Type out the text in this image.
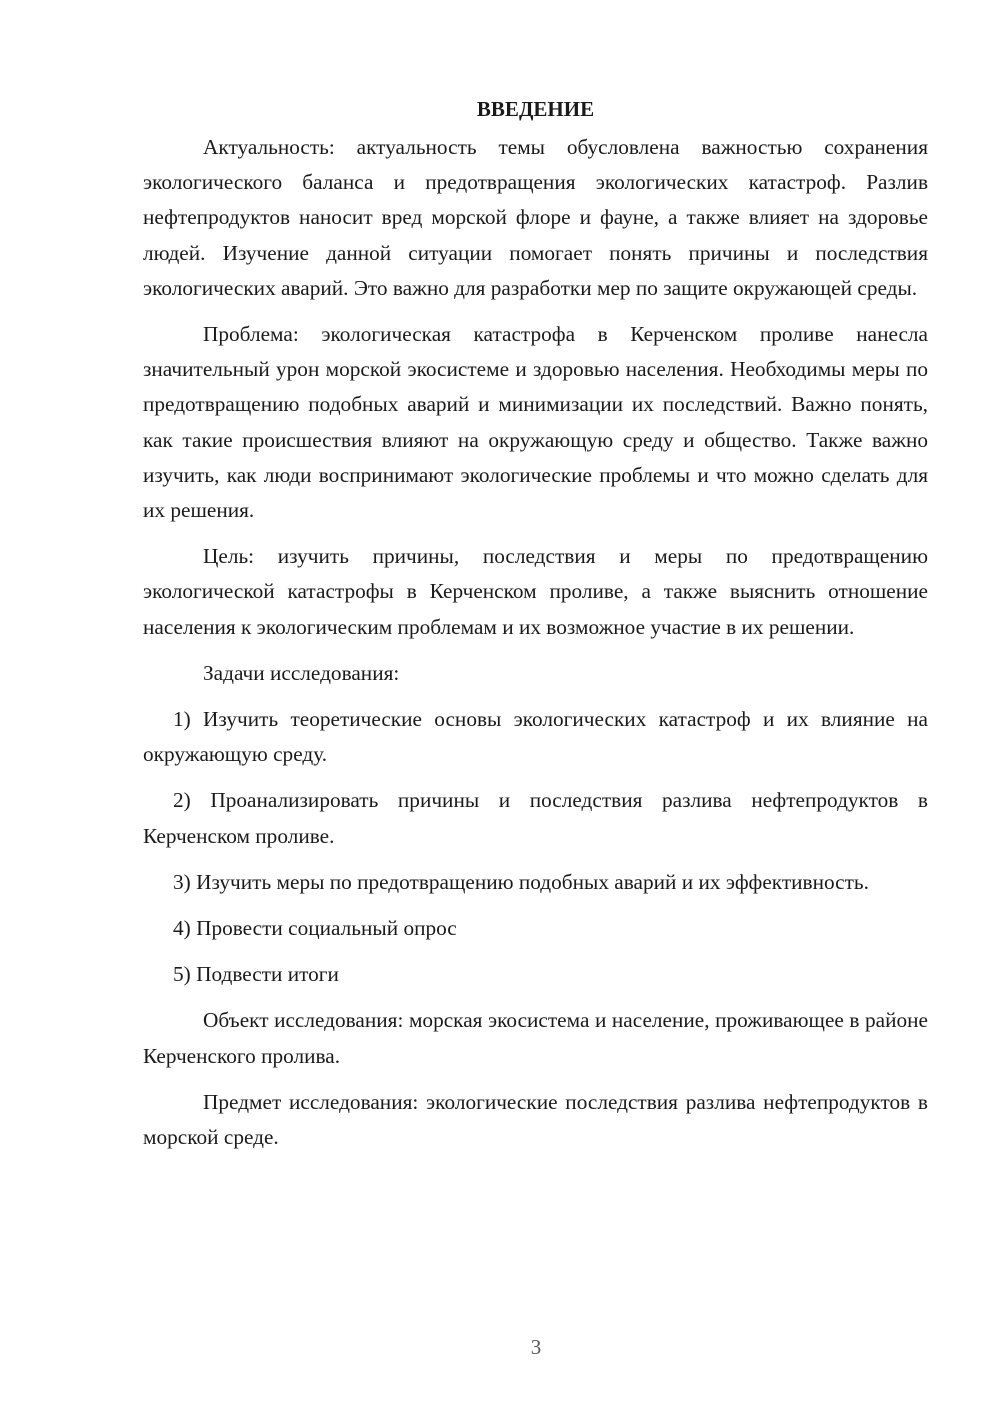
ВВЕДЕНИЕ

Актуальность: актуальность темы обусловлена важностью сохранения экологического баланса и предотвращения экологических катастроф. Разлив нефтепродуктов наносит вред морской флоре и фауне, а также влияет на здоровье людей. Изучение данной ситуации помогает понять причины и последствия экологических аварий. Это важно для разработки мер по защите окружающей среды.

Проблема: экологическая катастрофа в Керченском проливе нанесла значительный урон морской экосистеме и здоровью населения. Необходимы меры по предотвращению подобных аварий и минимизации их последствий. Важно понять, как такие происшествия влияют на окружающую среду и общество. Также важно изучить, как люди воспринимают экологические проблемы и что можно сделать для их решения.

Цель: изучить причины, последствия и меры по предотвращению экологической катастрофы в Керченском проливе, а также выяснить отношение населения к экологическим проблемам и их возможное участие в их решении.

Задачи исследования:

1) Изучить теоретические основы экологических катастроф и их влияние на окружающую среду.

2) Проанализировать причины и последствия разлива нефтепродуктов в Керченском проливе.

3) Изучить меры по предотвращению подобных аварий и их эффективность.

4) Провести социальный опрос

5) Подвести итоги

Объект исследования: морская экосистема и население, проживающее в районе Керченского пролива.

Предмет исследования: экологические последствия разлива нефтепродуктов в морской среде.

3
